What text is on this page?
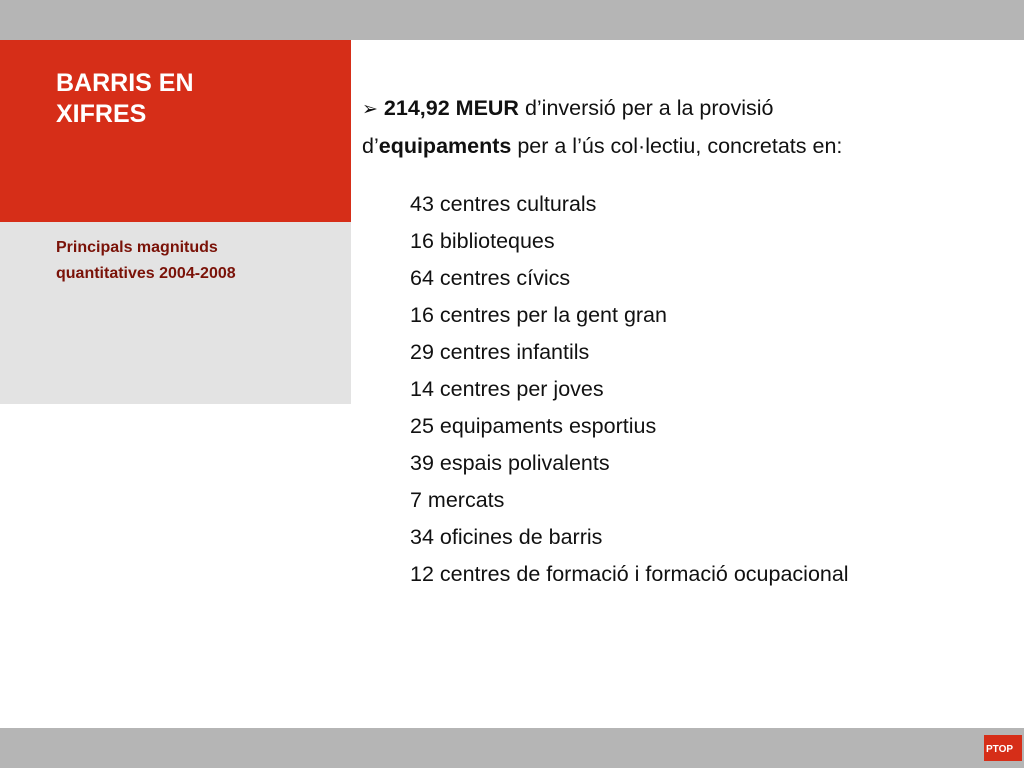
BARRIS EN
XIFRES
Principals magnituds
quantitatives 2004-2008

➢ 214,92 MEUR d’inversió per a la provisió
d’equipaments per a l’ús col·lectiu, concretats en:

43 centres culturals
16 biblioteques
64 centres cívics
16 centres per la gent gran
29 centres infantils
14 centres per joves
25 equipaments esportius
39 espais polivalents
7 mercats
34 oficines de barris
12 centres de formació i formació ocupacional
PTOP
